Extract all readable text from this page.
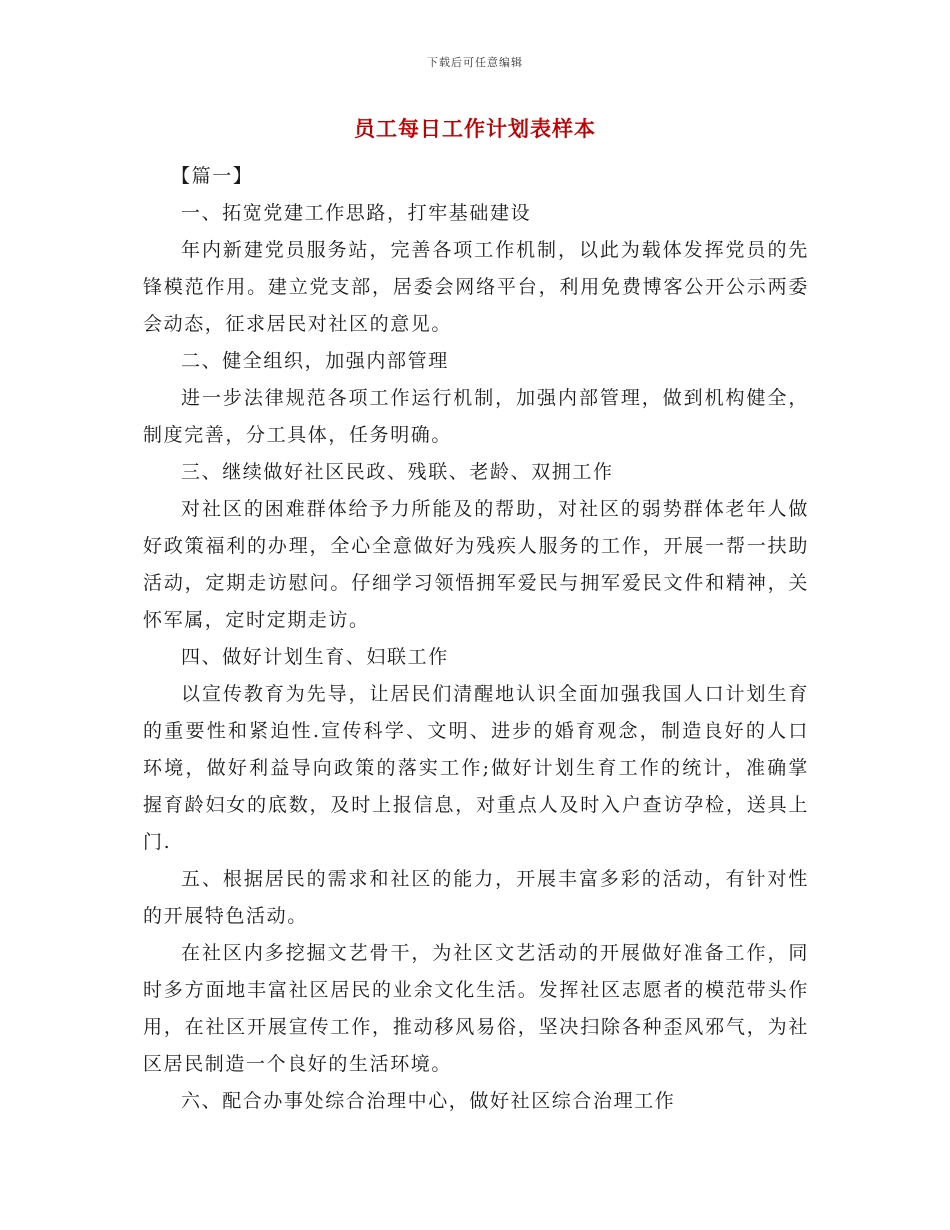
下载后可任意编辑
员工每日工作计划表样本

【篇一】

一、拓宽党建工作思路，打牢基础建设

年内新建党员服务站，完善各项工作机制，以此为载体发挥党员的先锋模范作用。建立党支部，居委会网络平台，利用免费博客公开公示两委会动态，征求居民对社区的意见。

二、健全组织，加强内部管理

进一步法律规范各项工作运行机制，加强内部管理，做到机构健全，制度完善，分工具体，任务明确。

三、继续做好社区民政、残联、老龄、双拥工作

对社区的困难群体给予力所能及的帮助，对社区的弱势群体老年人做好政策福利的办理，全心全意做好为残疾人服务的工作，开展一帮一扶助活动，定期走访慰问。仔细学习领悟拥军爱民与拥军爱民文件和精神，关怀军属，定时定期走访。

四、做好计划生育、妇联工作

以宣传教育为先导，让居民们清醒地认识全面加强我国人口计划生育的重要性和紧迫性.宣传科学、文明、进步的婚育观念，制造良好的人口环境，做好利益导向政策的落实工作;做好计划生育工作的统计，准确掌握育龄妇女的底数，及时上报信息，对重点人及时入户查访孕检，送具上门.

五、根据居民的需求和社区的能力，开展丰富多彩的活动，有针对性的开展特色活动。

在社区内多挖掘文艺骨干，为社区文艺活动的开展做好准备工作，同时多方面地丰富社区居民的业余文化生活。发挥社区志愿者的模范带头作用，在社区开展宣传工作，推动移风易俗，坚决扫除各种歪风邪气，为社区居民制造一个良好的生活环境。

六、配合办事处综合治理中心，做好社区综合治理工作
